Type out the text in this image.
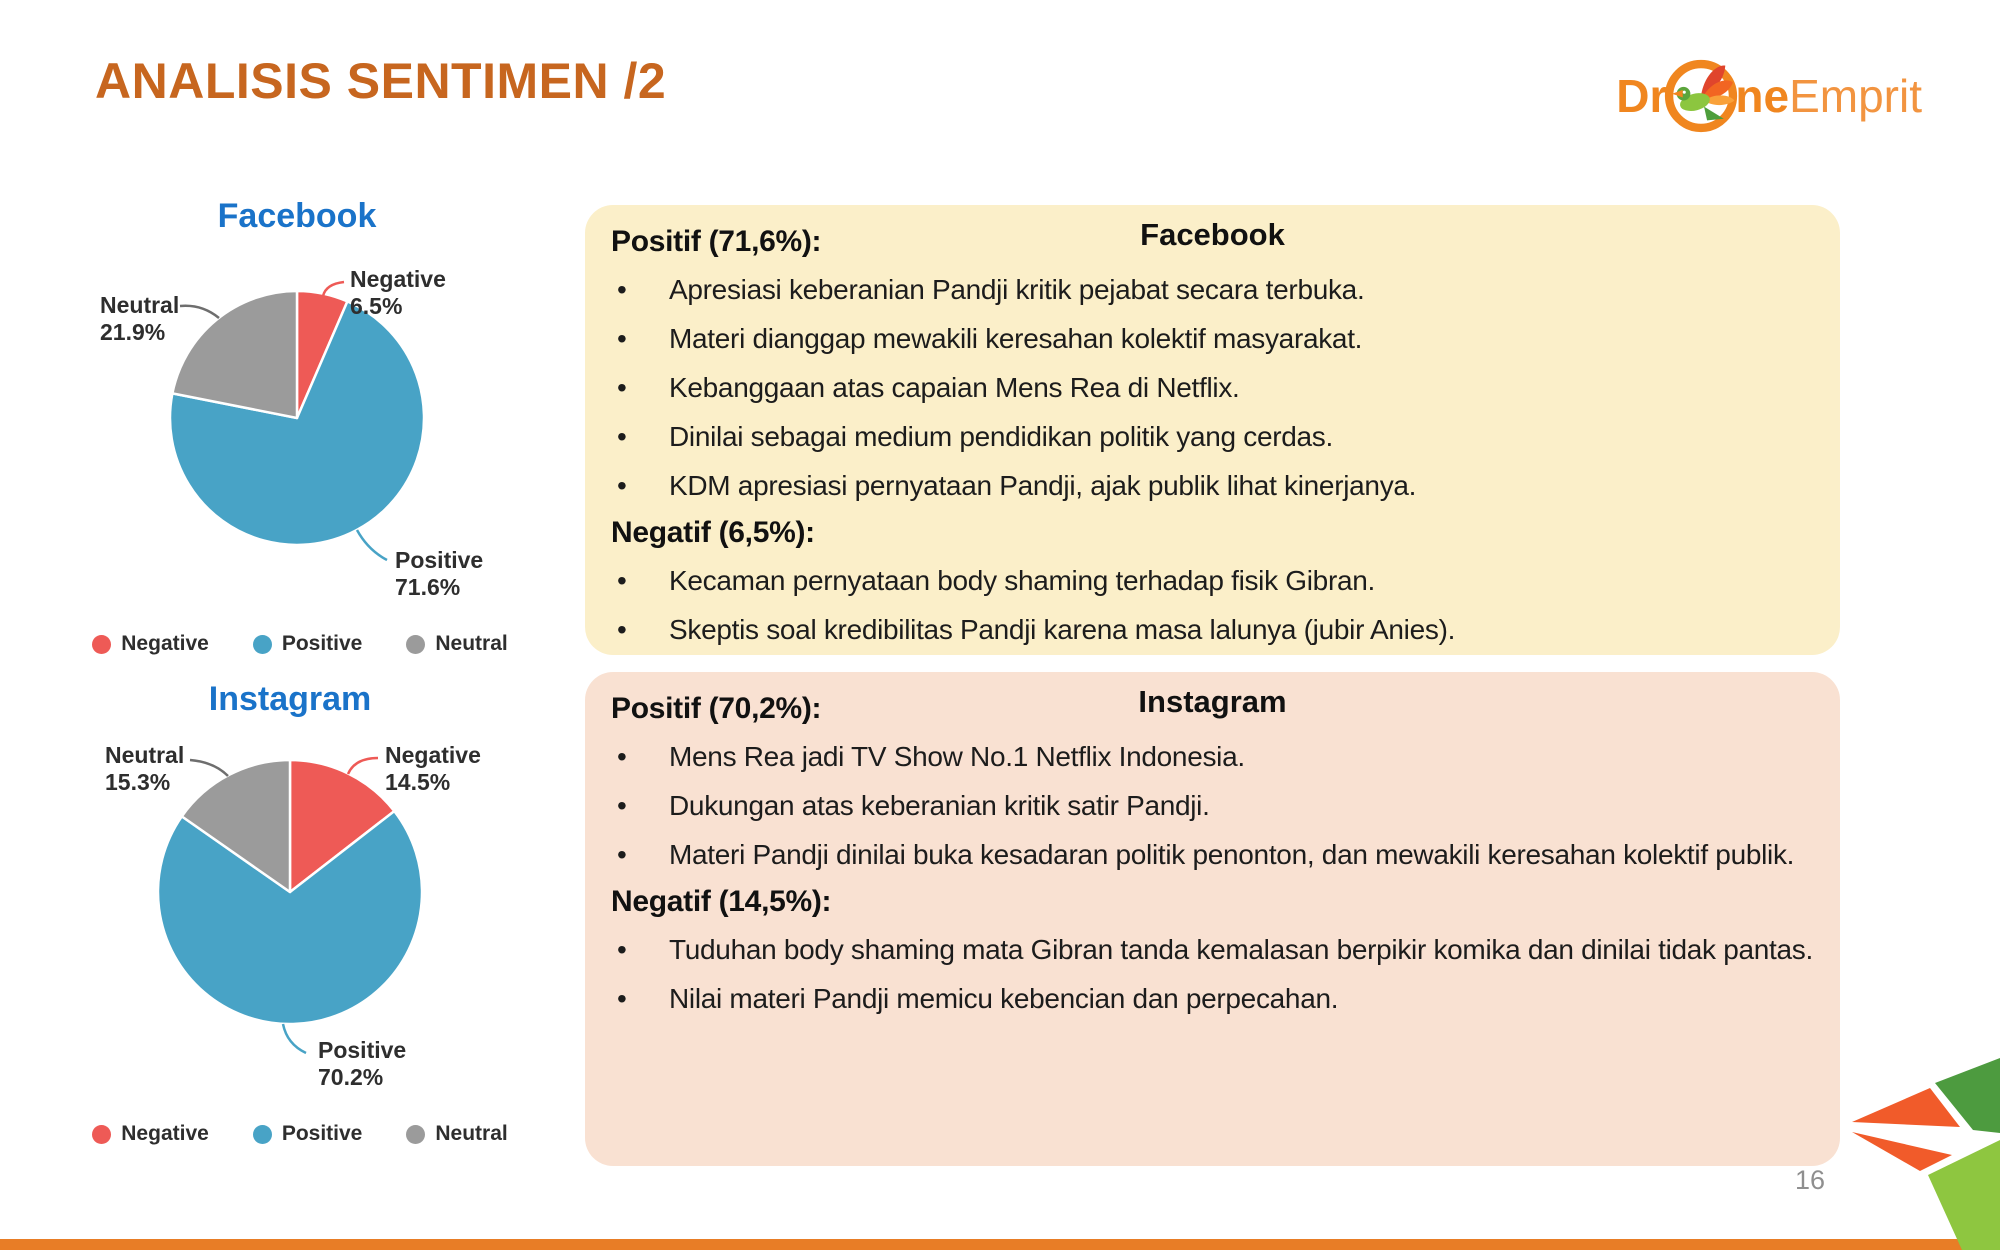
ANALISIS SENTIMEN /2	Dr ne Emprit
Facebook
Instagram
Negative 6.5%
Positive 71.6%
Neutral 21.9%
Negative 14.5%
Positive 70.2%
Neutral 15.3%
Negative	Positive	Neutral
Negative	Positive	Neutral
Facebook
Positif (71,6%):
•	Apresiasi keberanian Pandji kritik pejabat secara terbuka.
•	Materi dianggap mewakili keresahan kolektif masyarakat.
•	Kebanggaan atas capaian Mens Rea di Netflix.
•	Dinilai sebagai medium pendidikan politik yang cerdas.
•	KDM apresiasi pernyataan Pandji, ajak publik lihat kinerjanya.
Negatif (6,5%):
•	Kecaman pernyataan body shaming terhadap fisik Gibran.
•	Skeptis soal kredibilitas Pandji karena masa lalunya (jubir Anies).
Instagram
Positif (70,2%):
•	Mens Rea jadi TV Show No.1 Netflix Indonesia.
•	Dukungan atas keberanian kritik satir Pandji.
•	Materi Pandji dinilai buka kesadaran politik penonton, dan mewakili keresahan kolektif publik.
Negatif (14,5%):
•	Tuduhan body shaming mata Gibran tanda kemalasan berpikir komika dan dinilai tidak pantas.
•	Nilai materi Pandji memicu kebencian dan perpecahan.
16
